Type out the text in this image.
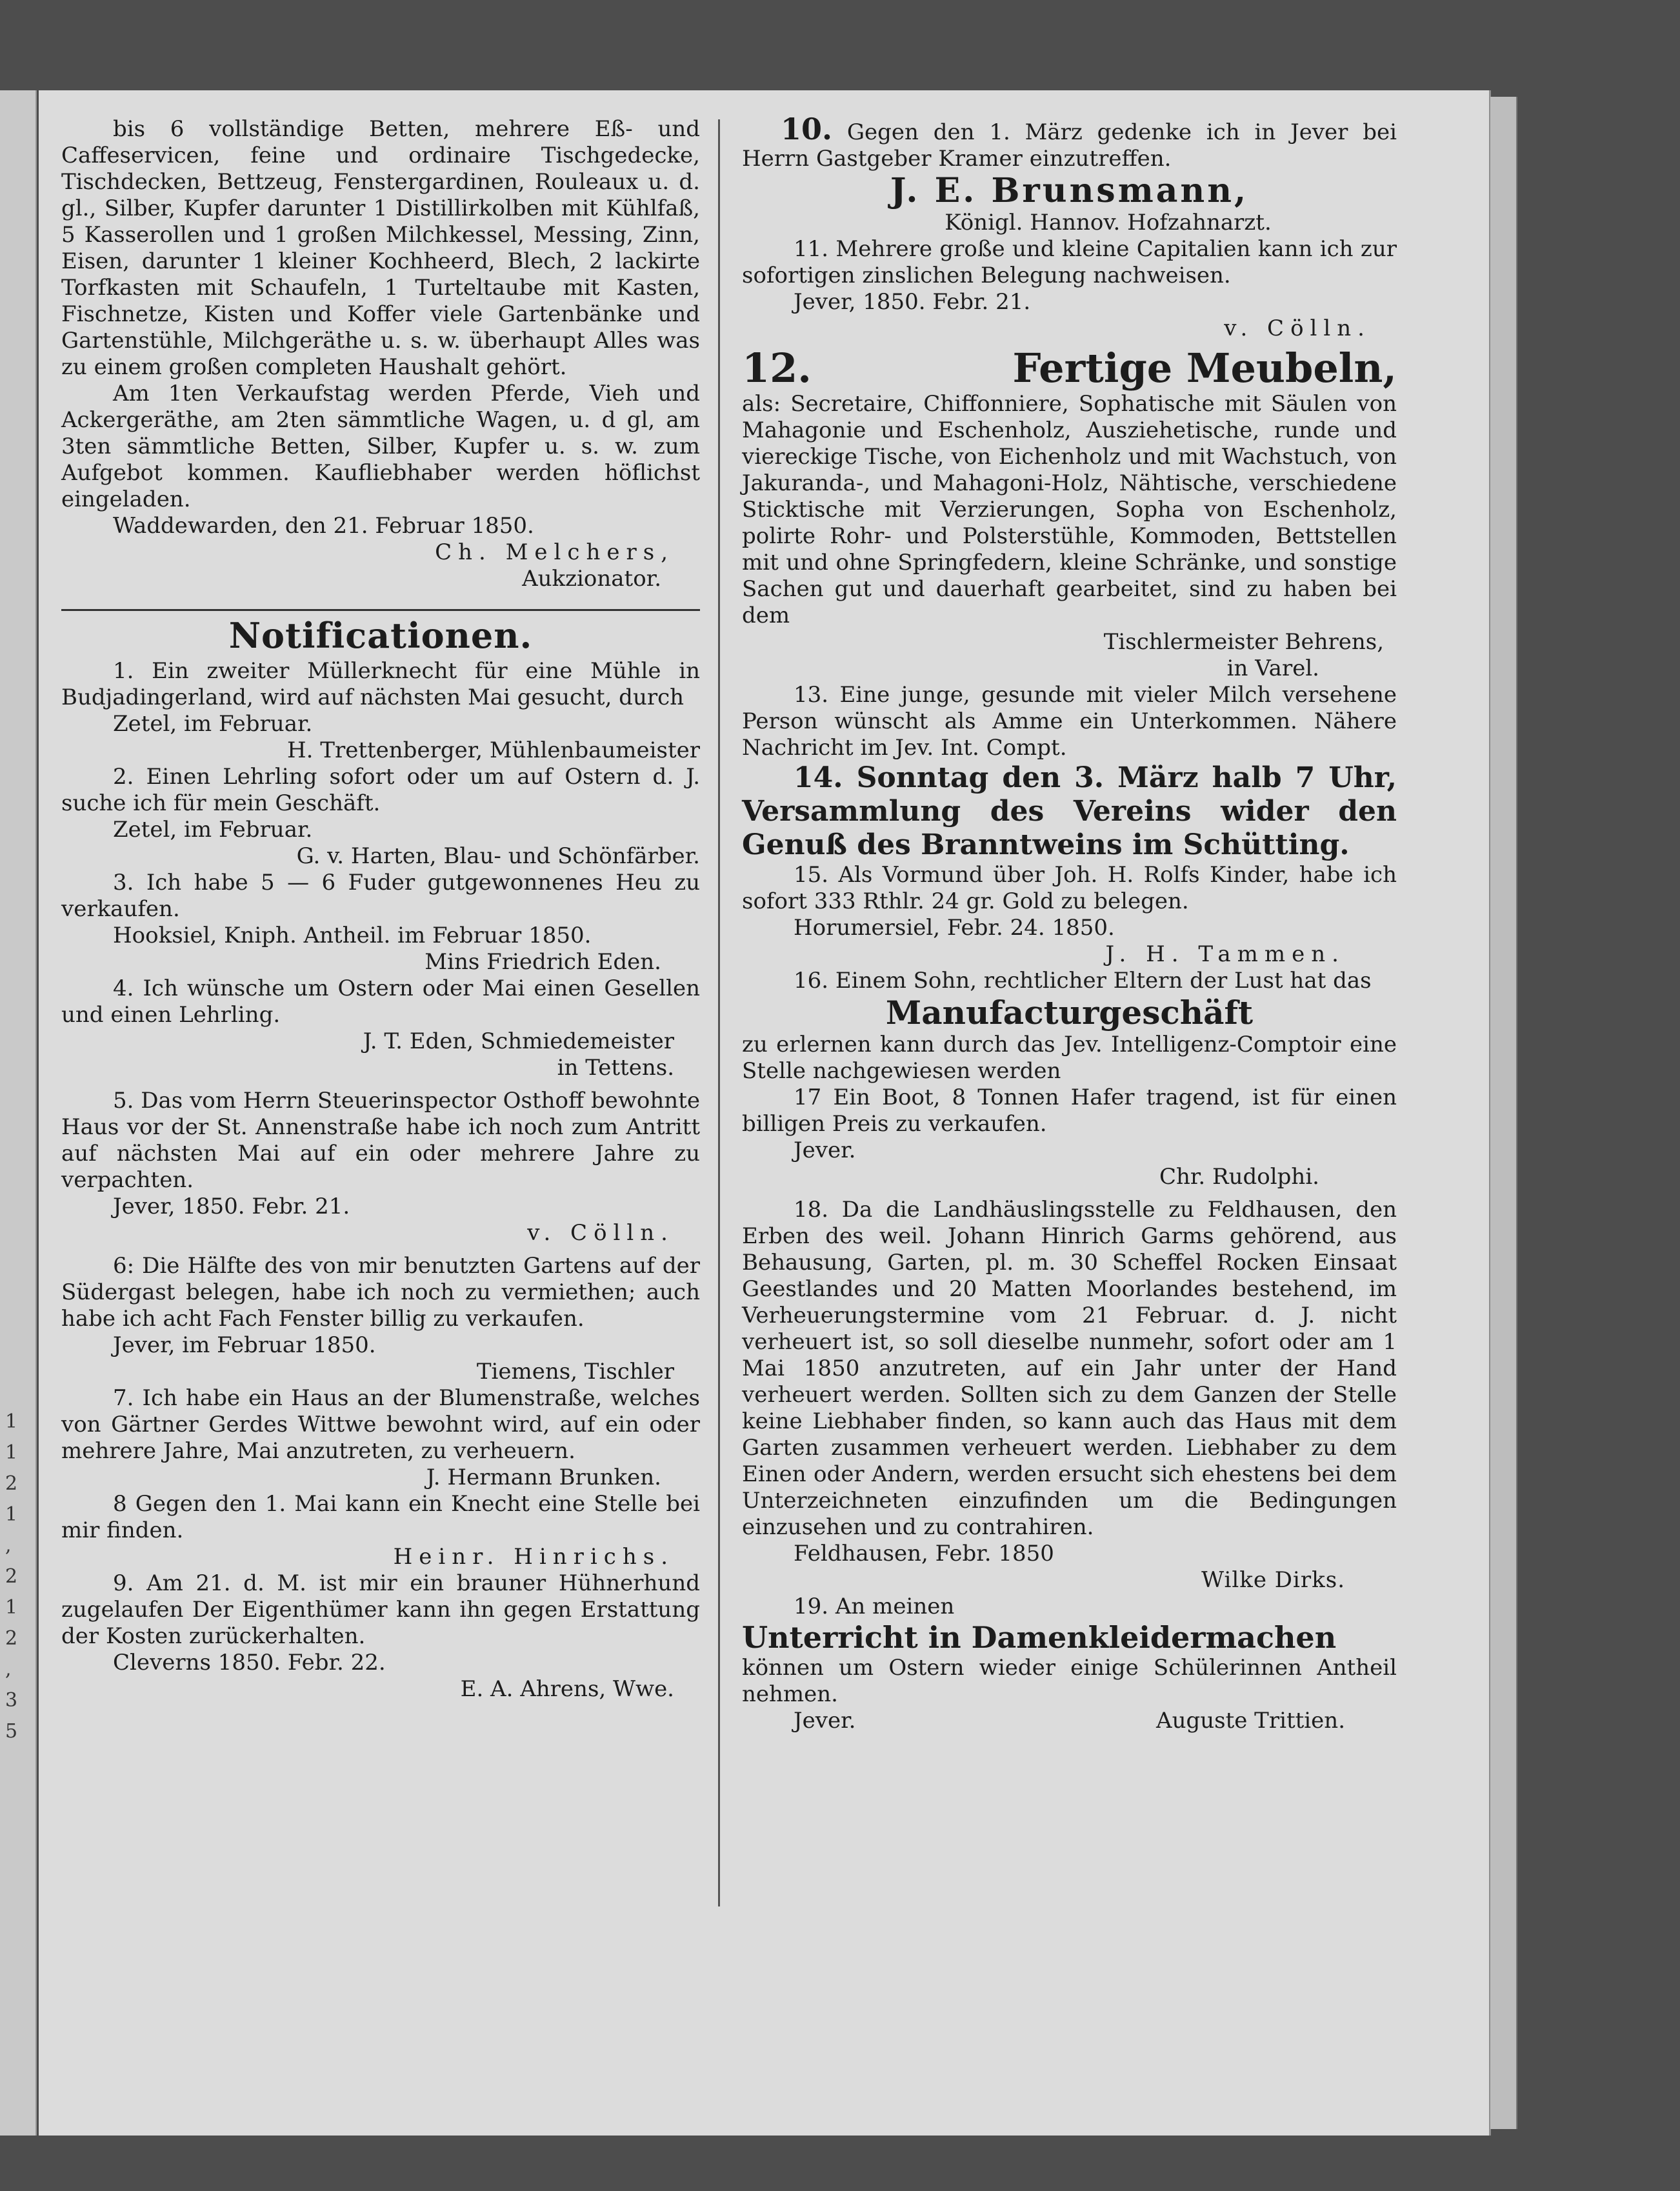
1
1
2
1
,
2
1
2
,
3
5

bis 6 vollständige Betten, mehrere Eß- und Caffeservicen, feine und ordinaire Tischgedecke, Tischdecken, Bettzeug, Fenstergardinen, Rouleaux u. d. gl., Silber, Kupfer darunter 1 Distillirkolben mit Kühlfaß, 5 Kasserollen und 1 großen Milchkessel, Messing, Zinn, Eisen, darunter 1 kleiner Kochheerd, Blech, 2 lackirte Torfkasten mit Schaufeln, 1 Turteltaube mit Kasten, Fischnetze, Kisten und Koffer viele Gartenbänke und Gartenstühle, Milchgeräthe u. s. w. überhaupt Alles was zu einem großen completen Haushalt gehört.

Am 1ten Verkaufstag werden Pferde, Vieh und Ackergeräthe, am 2ten sämmtliche Wagen, u. d gl, am 3ten sämmtliche Betten, Silber, Kupfer u. s. w. zum Aufgebot kommen. Kaufliebhaber werden höflichst eingeladen.

Waddewarden, den 21. Februar 1850.

Ch. Melchers,

Aukzionator.

Notificationen.

1. Ein zweiter Müllerknecht für eine Mühle in Budjadingerland, wird auf nächsten Mai gesucht, durch

Zetel, im Februar.

H. Trettenberger, Mühlenbaumeister

2. Einen Lehrling sofort oder um auf Ostern d. J. suche ich für mein Geschäft.

Zetel, im Februar.

G. v. Harten, Blau- und Schönfärber.

3. Ich habe 5 — 6 Fuder gutgewonnenes Heu zu verkaufen.

Hooksiel, Kniph. Antheil. im Februar 1850.

Mins Friedrich Eden.

4. Ich wünsche um Ostern oder Mai einen Gesellen und einen Lehrling.

J. T. Eden, Schmiedemeister

in Tettens.

5. Das vom Herrn Steuerinspector Osthoff bewohnte Haus vor der St. Annenstraße habe ich noch zum Antritt auf nächsten Mai auf ein oder mehrere Jahre zu verpachten.

Jever, 1850. Febr. 21.

v. Cölln.

6: Die Hälfte des von mir benutzten Gartens auf der Südergast belegen, habe ich noch zu vermiethen; auch habe ich acht Fach Fenster billig zu verkaufen.

Jever, im Februar 1850.

Tiemens, Tischler

7. Ich habe ein Haus an der Blumenstraße, welches von Gärtner Gerdes Wittwe bewohnt wird, auf ein oder mehrere Jahre, Mai anzutreten, zu verheuern.

J. Hermann Brunken.

8 Gegen den 1. Mai kann ein Knecht eine Stelle bei mir finden.

Heinr. Hinrichs.

9. Am 21. d. M. ist mir ein brauner Hühnerhund zugelaufen Der Eigenthümer kann ihn gegen Erstattung der Kosten zurückerhalten.

Cleverns 1850. Febr. 22.

E. A. Ahrens, Wwe.

10. Gegen den 1. März gedenke ich in Jever bei Herrn Gastgeber Kramer einzutreffen.

J. E. Brunsmann,

Königl. Hannov. Hofzahnarzt.

11. Mehrere große und kleine Capitalien kann ich zur sofortigen zinslichen Belegung nachweisen.

Jever, 1850. Febr. 21.

v. Cölln.

12.	Fertige Meubeln,

als: Secretaire, Chiffonniere, Sophatische mit Säulen von Mahagonie und Eschenholz, Ausziehetische, runde und viereckige Tische, von Eichenholz und mit Wachstuch, von Jakuranda-, und Mahagoni-Holz, Nähtische, verschiedene Sticktische mit Verzierungen, Sopha von Eschenholz, polirte Rohr- und Polsterstühle, Kommoden, Bettstellen mit und ohne Springfedern, kleine Schränke, und sonstige Sachen gut und dauerhaft gearbeitet, sind zu haben bei dem

Tischlermeister Behrens,

in Varel.

13. Eine junge, gesunde mit vieler Milch versehene Person wünscht als Amme ein Unterkommen. Nähere Nachricht im Jev. Int. Compt.

14. Sonntag den 3. März halb 7 Uhr, Versammlung des Vereins wider den Genuß des Branntweins im Schütting.

15. Als Vormund über Joh. H. Rolfs Kinder, habe ich sofort 333 Rthlr. 24 gr. Gold zu belegen.

Horumersiel, Febr. 24. 1850.

J. H. Tammen.

16. Einem Sohn, rechtlicher Eltern der Lust hat das

Manufacturgeschäft

zu erlernen kann durch das Jev. Intelligenz-Comptoir eine Stelle nachgewiesen werden

17 Ein Boot, 8 Tonnen Hafer tragend, ist für einen billigen Preis zu verkaufen.

Jever.

Chr. Rudolphi.

18. Da die Landhäuslingsstelle zu Feldhausen, den Erben des weil. Johann Hinrich Garms gehörend, aus Behausung, Garten, pl. m. 30 Scheffel Rocken Einsaat Geestlandes und 20 Matten Moorlandes bestehend, im Verheuerungstermine vom 21 Februar. d. J. nicht verheuert ist, so soll dieselbe nunmehr, sofort oder am 1 Mai 1850 anzutreten, auf ein Jahr unter der Hand verheuert werden. Sollten sich zu dem Ganzen der Stelle keine Liebhaber finden, so kann auch das Haus mit dem Garten zusammen verheuert werden. Liebhaber zu dem Einen oder Andern, werden ersucht sich ehestens bei dem Unterzeichneten einzufinden um die Bedingungen einzusehen und zu contrahiren.

Feldhausen, Febr. 1850

Wilke Dirks.

19. An meinen

Unterricht in Damenkleidermachen

können um Ostern wieder einige Schülerinnen Antheil nehmen.

Jever.	Auguste Trittien.
